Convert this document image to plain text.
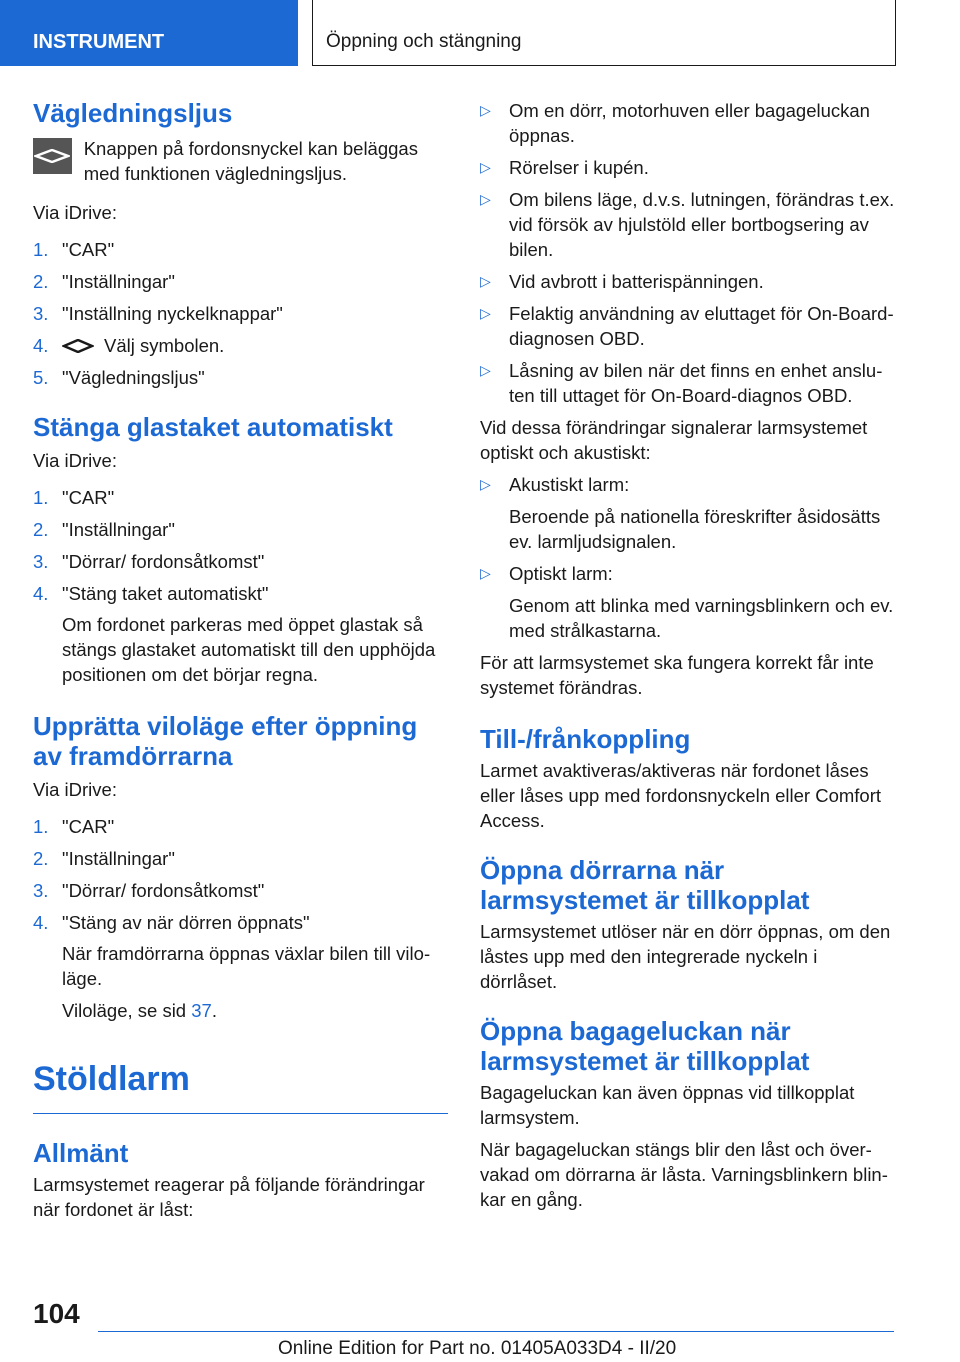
INSTRUMENT	Öppning och stängning
Vägledningsljus

Knappen på fordonsnyckel kan beläggas med funktionen vägledningsljus.

Via iDrive:

1. "CAR"
2. "Inställningar"
3. "Inställning nyckelknappar"
4.	Välj symbolen.
5. "Vägledningsljus"
Stänga glastaket automatiskt

Via iDrive:

1. "CAR"
2. "Inställningar"
3. "Dörrar/ fordonsåtkomst"
4. "Stäng taket automatiskt"

Om fordonet parkeras med öppet glastak så stängs glastaket automatiskt till den upphöjda positionen om det börjar regna.

Upprätta viloläge efter öppning av framdörrarna

Via iDrive:

1. "CAR"
2. "Inställningar"
3. "Dörrar/ fordonsåtkomst"
4. "Stäng av när dörren öppnats"

När framdörrarna öppnas växlar bilen till viloläge.

Viloläge, se sid 37.

Stöldlarm
Allmänt

Larmsystemet reagerar på följande förändringar när fordonet är låst:

▷ Om en dörr, motorhuven eller bagageluckan öppnas.
▷ Rörelser i kupén.
▷ Om bilens läge, d.v.s. lutningen, förändras t.ex. vid försök av hjulstöld eller bortbogsering av bilen.
▷ Vid avbrott i batterispänningen.
▷ Felaktig användning av eluttaget för On-Board-diagnosen OBD.
▷ Låsning av bilen när det finns en enhet ansluten till uttaget för On-Board-diagnos OBD.

Vid dessa förändringar signalerar larmsystemet optiskt och akustiskt:

▷ Akustiskt larm:

Beroende på nationella föreskrifter åsidosätts ev. larmljudsignalen.

▷ Optiskt larm:

Genom att blinka med varningsblinkern och ev. med strålkastarna.

För att larmsystemet ska fungera korrekt får inte systemet förändras.

Till-/frånkoppling

Larmet avaktiveras/aktiveras när fordonet låses eller låses upp med fordonsnyckeln eller Comfort Access.

Öppna dörrarna när larmsystemet är tillkopplat

Larmsystemet utlöser när en dörr öppnas, om den låstes upp med den integrerade nyckeln i dörrlåset.

Öppna bagageluckan när larmsystemet är tillkopplat

Bagageluckan kan även öppnas vid tillkopplat larmsystem.

När bagageluckan stängs blir den låst och övervakad om dörrarna är låsta. Varningsblinkern blinkar en gång.

104
Online Edition for Part no. 01405A033D4 - II/20
